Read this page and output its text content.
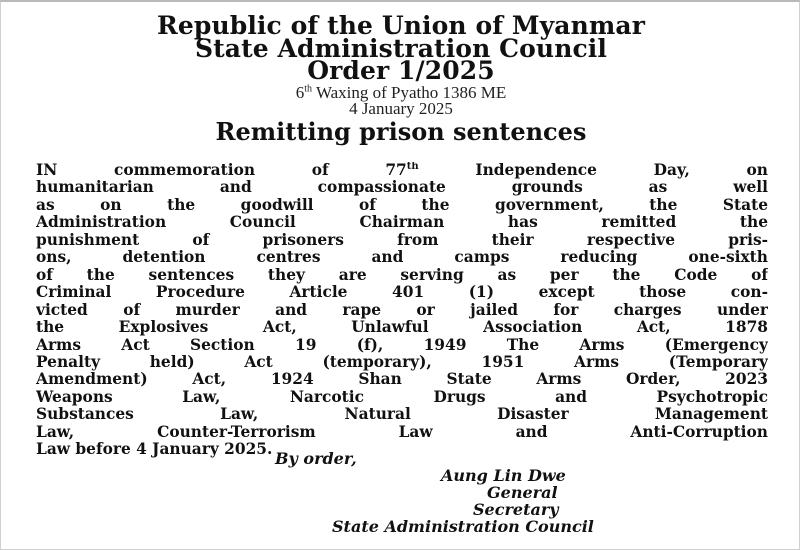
Republic of the Union of Myanmar
State Administration Council
Order 1/2025
6th Waxing of Pyatho 1386 ME
4 January 2025
Remitting prison sentences
IN commemoration of 77th Independence Day, on
humanitarian and compassionate grounds as well
as on the goodwill of the government, the State
Administration Council Chairman has remitted the
punishment of prisoners from their respective pris-
ons, detention centres and camps reducing one-sixth
of the sentences they are serving as per the Code of
Criminal Procedure Article 401 (1) except those con-
victed of murder and rape or jailed for charges under
the Explosives Act, Unlawful Association Act, 1878
Arms Act Section 19 (f), 1949 The Arms (Emergency
Penalty held) Act (temporary), 1951 Arms (Temporary
Amendment) Act, 1924 Shan State Arms Order, 2023
Weapons Law, Narcotic Drugs and Psychotropic
Substances Law, Natural Disaster Management
Law, Counter-Terrorism Law and Anti-Corruption
Law before 4 January 2025. By order,
Aung Lin Dwe
General
Secretary
State Administration Council
